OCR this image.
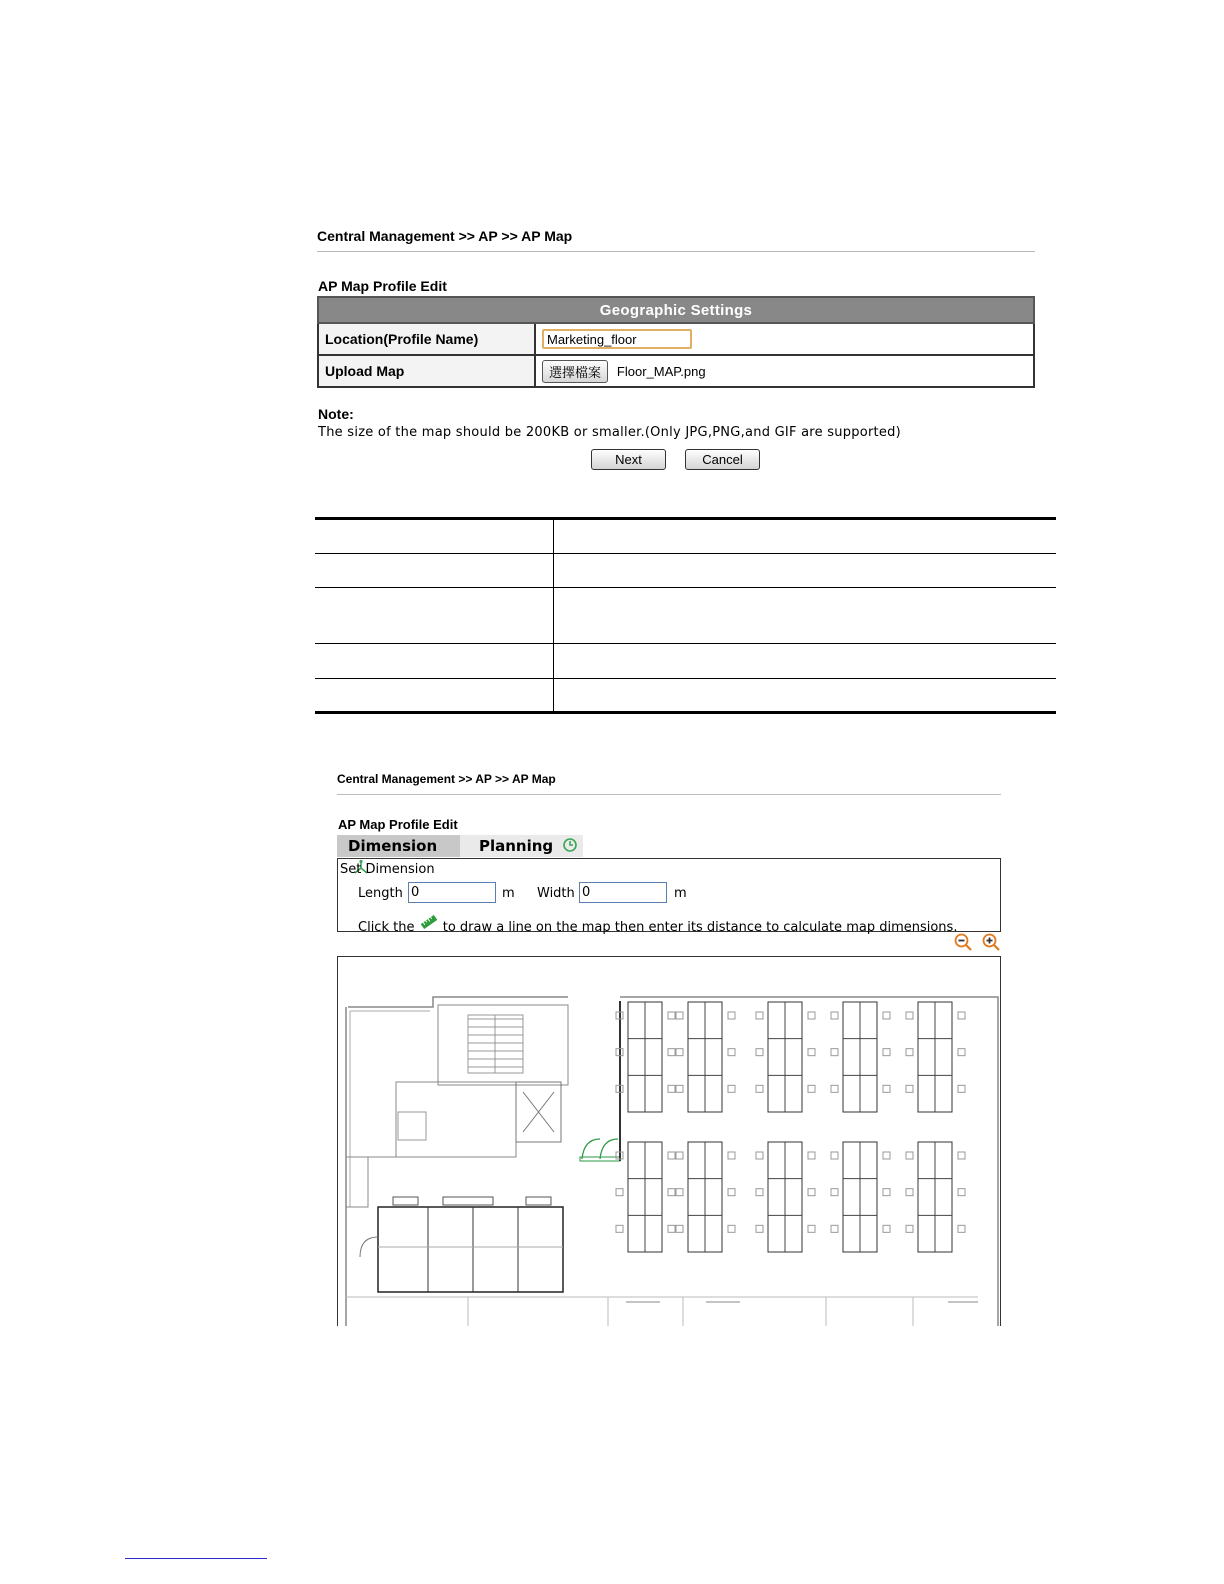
Central Management >> AP >> AP Map
AP Map Profile Edit
Geographic Settings	
Location(Profile Name)	Marketing_floor
Upload Map	選擇檔案 Floor_MAP.png
Note:
The size of the map should be 200KB or smaller.(Only JPG,PNG,and GIF are supported)
Next	Cancel
Central Management >> AP >> AP Map
AP Map Profile Edit
Dimension	Planning
Set Dimension
Length
0	m Width
0	m
Click the to draw a line on the map then enter its distance to calculate map dimensions.
